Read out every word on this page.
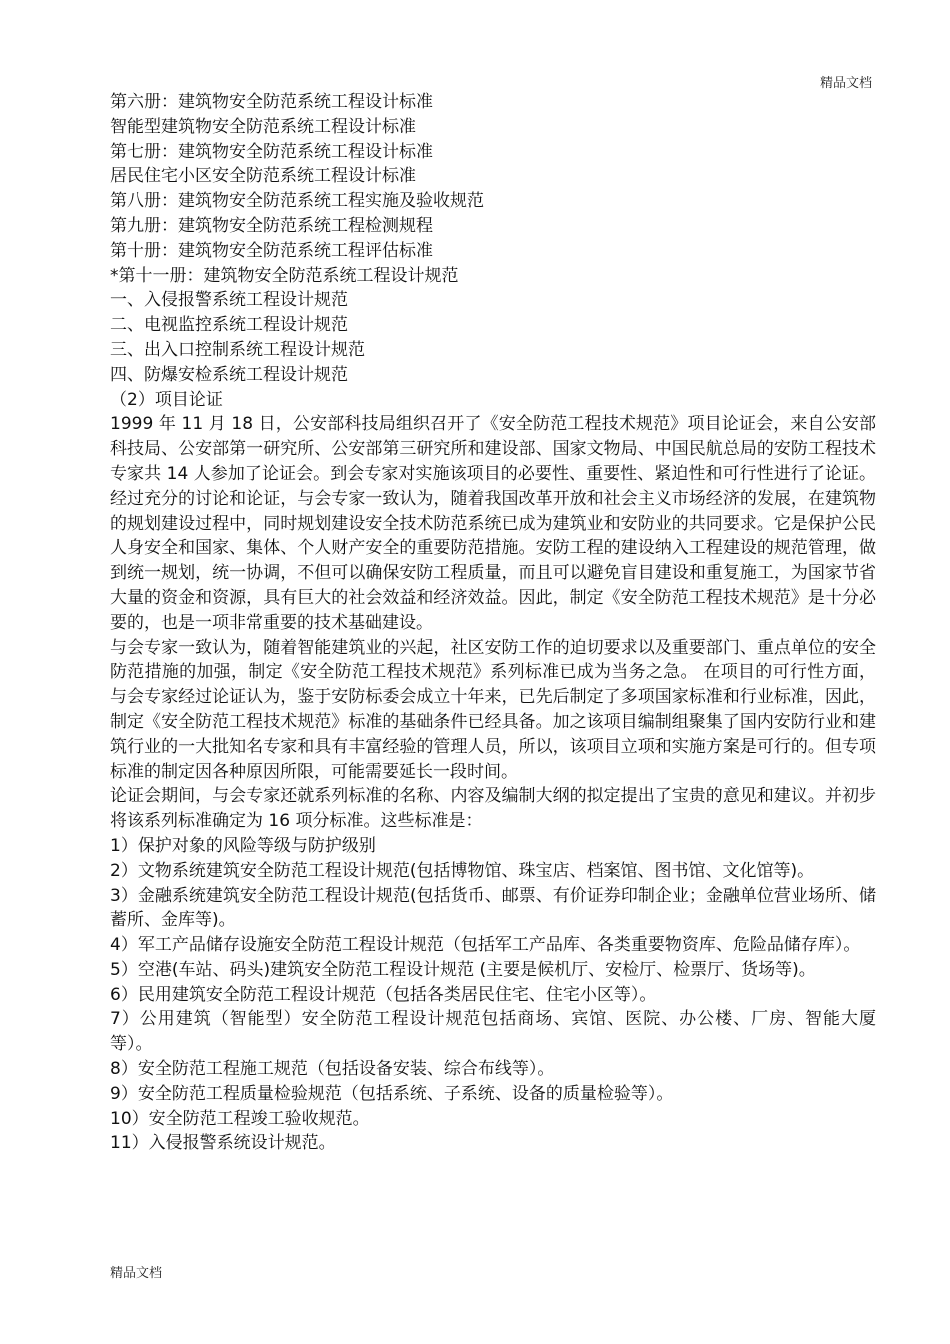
精品文档
第六册：建筑物安全防范系统工程设计标准
智能型建筑物安全防范系统工程设计标准
第七册：建筑物安全防范系统工程设计标准
居民住宅小区安全防范系统工程设计标准
第八册：建筑物安全防范系统工程实施及验收规范
第九册：建筑物安全防范系统工程检测规程
第十册：建筑物安全防范系统工程评估标准
*第十一册：建筑物安全防范系统工程设计规范
一、入侵报警系统工程设计规范
二、电视监控系统工程设计规范
三、出入口控制系统工程设计规范
四、防爆安检系统工程设计规范
（2）项目论证
1999 年 11 月 18 日，公安部科技局组织召开了《安全防范工程技术规范》项目论证会，来自公安部科技局、公安部第一研究所、公安部第三研究所和建设部、国家文物局、中国民航总局的安防工程技术专家共 14 人参加了论证会。到会专家对实施该项目的必要性、重要性、紧迫性和可行性进行了论证。经过充分的讨论和论证，与会专家一致认为，随着我国改革开放和社会主义市场经济的发展，在建筑物的规划建设过程中，同时规划建设安全技术防范系统已成为建筑业和安防业的共同要求。它是保护公民人身安全和国家、集体、个人财产安全的重要防范措施。安防工程的建设纳入工程建设的规范管理，做到统一规划，统一协调，不但可以确保安防工程质量，而且可以避免盲目建设和重复施工，为国家节省大量的资金和资源，具有巨大的社会效益和经济效益。因此，制定《安全防范工程技术规范》是十分必要的，也是一项非常重要的技术基础建设。
与会专家一致认为，随着智能建筑业的兴起，社区安防工作的迫切要求以及重要部门、重点单位的安全防范措施的加强，制定《安全防范工程技术规范》系列标准已成为当务之急。 在项目的可行性方面，与会专家经过论证认为，鉴于安防标委会成立十年来，已先后制定了多项国家标准和行业标准，因此，制定《安全防范工程技术规范》标准的基础条件已经具备。加之该项目编制组聚集了国内安防行业和建筑行业的一大批知名专家和具有丰富经验的管理人员，所以，该项目立项和实施方案是可行的。但专项标准的制定因各种原因所限，可能需要延长一段时间。
论证会期间，与会专家还就系列标准的名称、内容及编制大纲的拟定提出了宝贵的意见和建议。并初步将该系列标准确定为 16 项分标准。这些标准是：
1）保护对象的风险等级与防护级别
2）文物系统建筑安全防范工程设计规范(包括博物馆、珠宝店、档案馆、图书馆、文化馆等)。
3）金融系统建筑安全防范工程设计规范(包括货币、邮票、有价证券印制企业；金融单位营业场所、储蓄所、金库等)。
4）军工产品储存设施安全防范工程设计规范（包括军工产品库、各类重要物资库、危险品储存库）。
5）空港(车站、码头)建筑安全防范工程设计规范 (主要是候机厅、安检厅、检票厅、货场等)。
6）民用建筑安全防范工程设计规范（包括各类居民住宅、住宅小区等）。
7）公用建筑（智能型）安全防范工程设计规范包括商场、宾馆、医院、办公楼、厂房、智能大厦等）。
8）安全防范工程施工规范（包括设备安装、综合布线等）。
9）安全防范工程质量检验规范（包括系统、子系统、设备的质量检验等）。
10）安全防范工程竣工验收规范。
11）入侵报警系统设计规范。
精品文档
